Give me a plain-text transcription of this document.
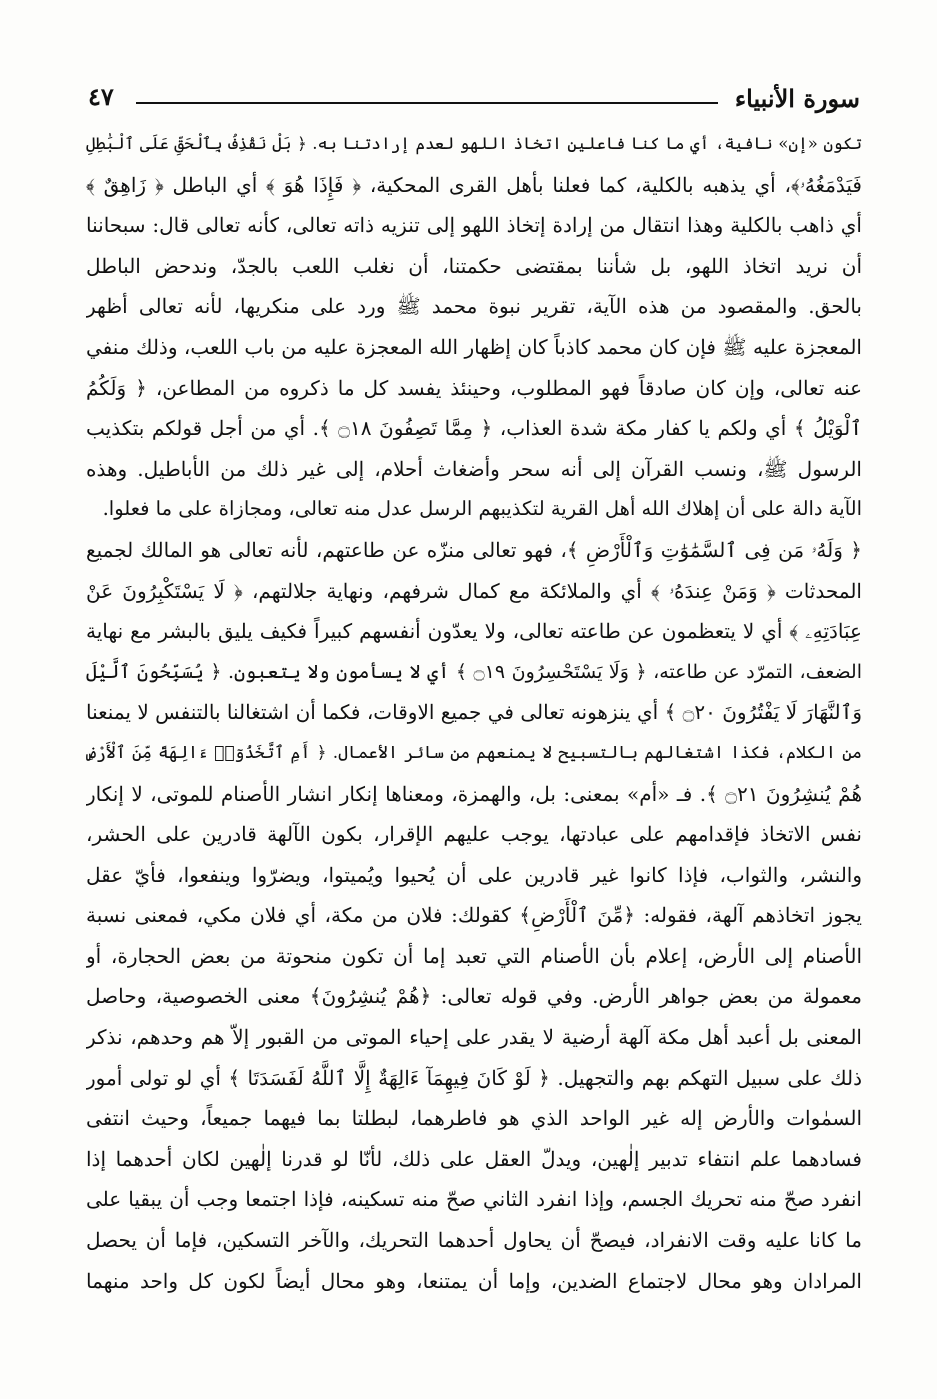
سورة الأنبياء
٤٧
تكون «إن» نافية، أي ما كنا فاعلين اتخاذ اللهو لعدم إرادتنا به. ﴿ بَلْ نَقْذِفُ بِٱلْحَقِّ عَلَى ٱلْبَٰطِلِ
فَيَدْمَغُهُۥ﴾، أي يذهبه بالكلية، كما فعلنا بأهل القرى المحكية، ﴿ فَإِذَا هُوَ ﴾ أي الباطل ﴿ زَاهِقٌ ﴾
أي ذاهب بالكلية وهذا انتقال من إرادة إتخاذ اللهو إلى تنزيه ذاته تعالى، كأنه تعالى قال: سبحاننا
أن نريد اتخاذ اللهو، بل شأننا بمقتضى حكمتنا، أن نغلب اللعب بالجدّ، وندحض الباطل
بالحق. والمقصود من هذه الآية، تقرير نبوة محمد ﷺ ورد على منكريها، لأنه تعالى أظهر
المعجزة عليه ﷺ فإن كان محمد كاذباً كان إظهار الله المعجزة عليه من باب اللعب، وذلك منفي
عنه تعالى، وإن كان صادقاً فهو المطلوب، وحينئذ يفسد كل ما ذكروه من المطاعن، ﴿ وَلَكُمُ
ٱلْوَيْلُ ﴾ أي ولكم يا كفار مكة شدة العذاب، ﴿ مِمَّا تَصِفُونَ ۝١٨ ﴾. أي من أجل قولكم بتكذيب
الرسول ﷺ، ونسب القرآن إلى أنه سحر وأضغاث أحلام، إلى غير ذلك من الأباطيل. وهذه
الآية دالة على أن إهلاك الله أهل القرية لتكذيبهم الرسل عدل منه تعالى، ومجازاة على ما فعلوا.
﴿ وَلَهُۥ مَن فِى ٱلسَّمَٰوَٰتِ وَٱلْأَرْضِ ﴾، فهو تعالى منزّه عن طاعتهم، لأنه تعالى هو المالك لجميع
المحدثات ﴿ وَمَنْ عِندَهُۥ ﴾ أي والملائكة مع كمال شرفهم، ونهاية جلالتهم، ﴿ لَا يَسْتَكْبِرُونَ عَنْ
عِبَادَتِهِۦ ﴾ أي لا يتعظمون عن طاعته تعالى، ولا يعدّون أنفسهم كبيراً فكيف يليق بالبشر مع نهاية
الضعف، التمرّد عن طاعته، ﴿ وَلَا يَسْتَحْسِرُونَ ۝١٩ ﴾ أي لا يسأمون ولا يتعبون. ﴿ يُسَبِّحُونَ ٱلَّيْلَ
وَٱلنَّهَارَ لَا يَفْتُرُونَ ۝٢٠ ﴾ أي ينزهونه تعالى في جميع الاوقات، فكما أن اشتغالنا بالتنفس لا يمنعنا
من الكلام، فكذا اشتغالهم بالتسبيح لا يمنعهم من سائر الأعمال. ﴿ أَمِ ٱتَّخَذُوٓا۟ ءَالِهَةً مِّنَ ٱلْأَرْضِ
هُمْ يُنشِرُونَ ۝٢١ ﴾. فـ «أم» بمعنى: بل، والهمزة، ومعناها إنكار انشار الأصنام للموتى، لا إنكار
نفس الاتخاذ فإقدامهم على عبادتها، يوجب عليهم الإقرار، بكون الآلهة قادرين على الحشر،
والنشر، والثواب، فإذا كانوا غير قادرين على أن يُحيوا ويُميتوا، ويضرّوا وينفعوا، فأيّ عقل
يجوز اتخاذهم آلهة، فقوله: ﴿مِّنَ ٱلْأَرْضِ﴾ كقولك: فلان من مكة، أي فلان مكي، فمعنى نسبة
الأصنام إلى الأرض، إعلام بأن الأصنام التي تعبد إما أن تكون منحوتة من بعض الحجارة، أو
معمولة من بعض جواهر الأرض. وفي قوله تعالى: ﴿هُمْ يُنشِرُونَ﴾ معنى الخصوصية، وحاصل
المعنى بل أعبد أهل مكة آلهة أرضية لا يقدر على إحياء الموتى من القبور إلاّ هم وحدهم، نذكر
ذلك على سبيل التهكم بهم والتجهيل. ﴿ لَوْ كَانَ فِيهِمَآ ءَالِهَةٌ إِلَّا ٱللَّهُ لَفَسَدَتَا ﴾ أي لو تولى أمور
السمٰوات والأرض إله غير الواحد الذي هو فاطرهما، لبطلتا بما فيهما جميعاً، وحيث انتفى
فسادهما علم انتفاء تدبير إلٰهين، ويدلّ العقل على ذلك، لأنّا لو قدرنا إلٰهين لكان أحدهما إذا
انفرد صحّ منه تحريك الجسم، وإذا انفرد الثاني صحّ منه تسكينه، فإذا اجتمعا وجب أن يبقيا على
ما كانا عليه وقت الانفراد، فيصحّ أن يحاول أحدهما التحريك، والآخر التسكين، فإما أن يحصل
المرادان وهو محال لاجتماع الضدين، وإما أن يمتنعا، وهو محال أيضاً لكون كل واحد منهما
